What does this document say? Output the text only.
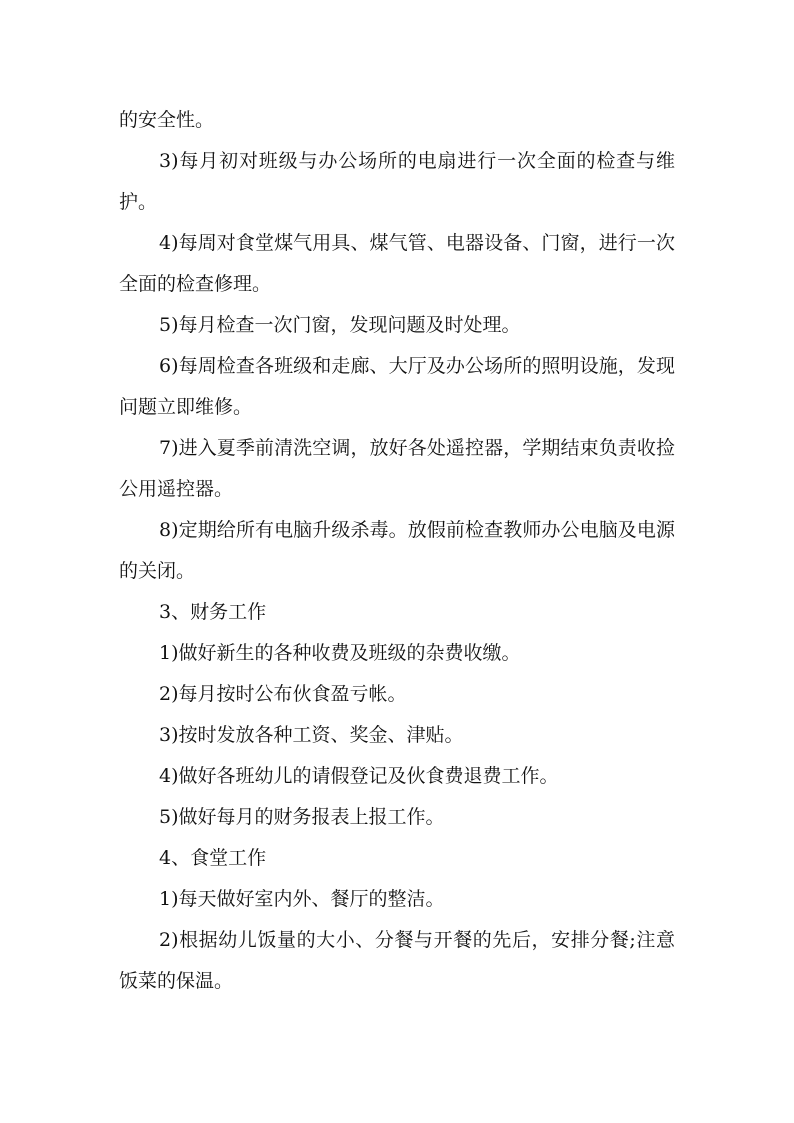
的安全性。

3)每月初对班级与办公场所的电扇进行一次全面的检查与维护。

4)每周对食堂煤气用具、煤气管、电器设备、门窗，进行一次全面的检查修理。

5)每月检查一次门窗，发现问题及时处理。

6)每周检查各班级和走廊、大厅及办公场所的照明设施，发现问题立即维修。

7)进入夏季前清洗空调，放好各处遥控器，学期结束负责收捡公用遥控器。

8)定期给所有电脑升级杀毒。放假前检查教师办公电脑及电源的关闭。

3、财务工作

1)做好新生的各种收费及班级的杂费收缴。

2)每月按时公布伙食盈亏帐。

3)按时发放各种工资、奖金、津贴。

4)做好各班幼儿的请假登记及伙食费退费工作。

5)做好每月的财务报表上报工作。

4、食堂工作

1)每天做好室内外、餐厅的整洁。

2)根据幼儿饭量的大小、分餐与开餐的先后，安排分餐;注意饭菜的保温。
